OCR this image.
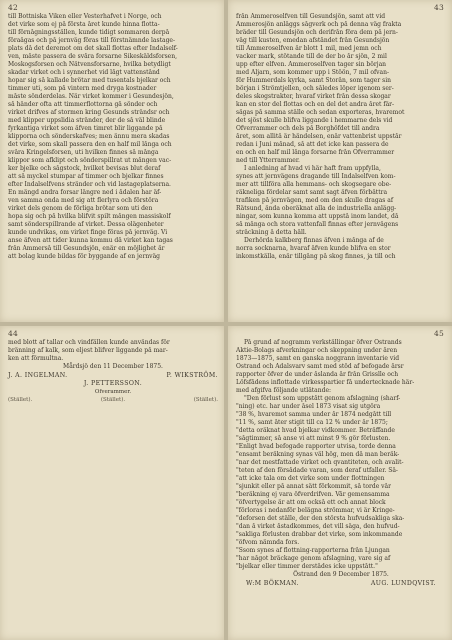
42
till Bottniska Viken eller Vesterhafvet i Norge, och
det virke som ej på första året kunde hinna flotta-
till förnågningsställen, kunde tidigt sommaren derpå
föraägas och på jernväg föras till förstnämnde lastage-
plats då det deremot om det skall flottas efter Indalself-
ven, måste passera de svåra forsarne Sikeskäldsforsen,
Moskogsforsen och Nätvensforsarne, hvilka betydligt
skadar virket och i synnerhet vid lågt vattenstånd
hopar sig så kallade brötar med tusentals bjelkar och
timmer uti, som på vintern med dryga kostnader
måste sönderdelas. När virket kommer i Gesundesjön,
så händer ofta att timmerflottorna gå sönder och
virket drifves af stormen kring Gesunds strändsr och
med klipper uppslidia stränder, der de så väl blinde
fyrkantiga virket som äfven timret blir liggande på
klipporna och sönderskafves; men ännu mera skadas
det virke, som skall passera den en half mil långa och
svåra Kringelsforsen, uti hvilken finnes så många
klippor som afklipt och sönderspillrat ut mången vac-
ker bjelke och sågstock, hvilket bevisas blut deraf
att så myckel stumpar af timmer och bjelkar finnes
efter Indalselfvens stränder och vid lastageplatserna.
En mängd andra forsar längre ned i ådalen har äf-
ven samma onda med sig att flerlyra och förstöra
virket dels genom de förliga brötar som uti den
hopa sig och på hvilka blifvit spilt mången massiskolf
samt sönderspillrande af virket. Dessa olägenheter
kunde undvikas, om virket finge föras på jernväg. Vi
anse äfven att tider kunna kommu då virket kan tagas
från Ammerså till Gesundsjön, enär en möjlighet är
att bolag kunde bildas för byggande af en jernväg
43
från Ammeroselfven till Gesundsjön, samt att vid
Ammerosjön anläggs sågverk och på denna väg frakta
bräder till Gesundsjön och derifrån föra dem på jern-
väg till kusten, emedan afståndet från Gesundsjön
till Ammeroselfven är blott 1 mil, med jemn och
vacker mark, stötande till de der bo år sjön, 2 mil
upp efter elfven. Ammeroselfven tager sin början
med Aljarn, som kommer upp i Stöön, 7 mil ofvan-
för Hummerdals kyrka, samt Storån, som tager sin
början i Strömtjellen, och således löper igenom ser-
deles skogstrakter, hvaraf virket från dessa skogar
kan en stor del flottas och en del det andra året fär-
sägas på samma ställe och sedan exporteras, hvaremot
det sjöst skulle blifva liggande i hemmarne dels vid
Öfverrammer och dels på Borghöfdet till andra
året, som allitä är händelsen, enär vattenbrist uppstår
redan i Juni månad, så att det icke kan passera de
en och en half mil långa forsarne från Öfverrammer
ned till Ytterrammer.
I anledning af hvad vi här haft fram uppfylla,
synes att jernvägens dragande till Indalselfven kom-
mer att tillföra alla hemmans- och skogsegare obe-
räkneliga fördelar samt samt sagt äfven förbättra
trafiken på jernvägen, med om den skulle dragas af
Rätsund, ända oberäknat alla de industriella anlägg-
ningar, som kunna komma att uppstå inom landet, då
så många och stora vattenfall finnas efter jernvägens
sträckning å detta håll.
Derhörda kalkberg finnas äfven i många af de
norra socknarna, hvaraf äfven kunde blifva en stor
inkomstkälla, enär tillgång på skog finnes, ja till och
44
med blott af tallar och vindfällen kunde användas för
bränning af kalk, som eljest blifver liggande på mar-
ken att förmultna.

Mårdsjö den 11 December 1875.

J. A. INGELMAN.	P. WIKSTRÖM.

J. PETTERSSON.

Ofverammer.

(Stället).	(Stället).	(Stället).
45
På grund af nogramm verkställingar öfver Östrands
Aktie-Bolags afverkningar och skeppning under åren
1873—1875, samt en ganska noggrann inventarie vid
Östrand och Adalsvarv samt med stöd af befogade årsr
rapporter öfver de under åslanda år från Grisslle och
Löfsfådens inflottade virkesspartier få undertecknade här-
med afgifva följande utlåtande:
"Den förlust som uppstått genom afslagning (sharf-
"ning) etc. har under åsel 1873 visat sig utgöra
"38 %, hvaremot samma under år 1874 nedgått till
"11 %, samt åter stigit till ca 12 % under år 1875;
"detta oräknat hvad bjelkar vidkommer. Beträffande
"sågtimmer, så anse vi att minst 9 % gör förlusten.
"Enligt hvad befogade rapporter utvisa, torde denna
"ensamt beräkning synas väl hög, men då man beräk-
"nar det mestfattade virket och qvantiteten, och avalit-
"teten af den försådade varan, som deraf utfaller. Sä-
"att icke tala om det virke som under flottningen
"sjunkit eller på annat sätt förkommit, så torde vår
"beräkning ej vara öfverdrifven. Vår gemensamma
"öfvertygelse är att om också ett och annat block
"förloras i nedanför belägna strömmar, vi är Kringe-
"deforsen det ställe, der den största hufvudsakliga ska-
"dan å virket åstadkommes, det vill säga, den hufvud-
"sakliga förlusten drabbar det virke, som inkommande
"öfvom nämnda fors.
"Ssom synes af flottning-rapporterna från Ljungan
"har något bräckage genom afslagning, vare sig af
"bjelkar eller timmer derstädes icke uppstått."

Östrand den 9 December 1875.

W:M BÖKMAN.	AUG. LUNDQVIST.
